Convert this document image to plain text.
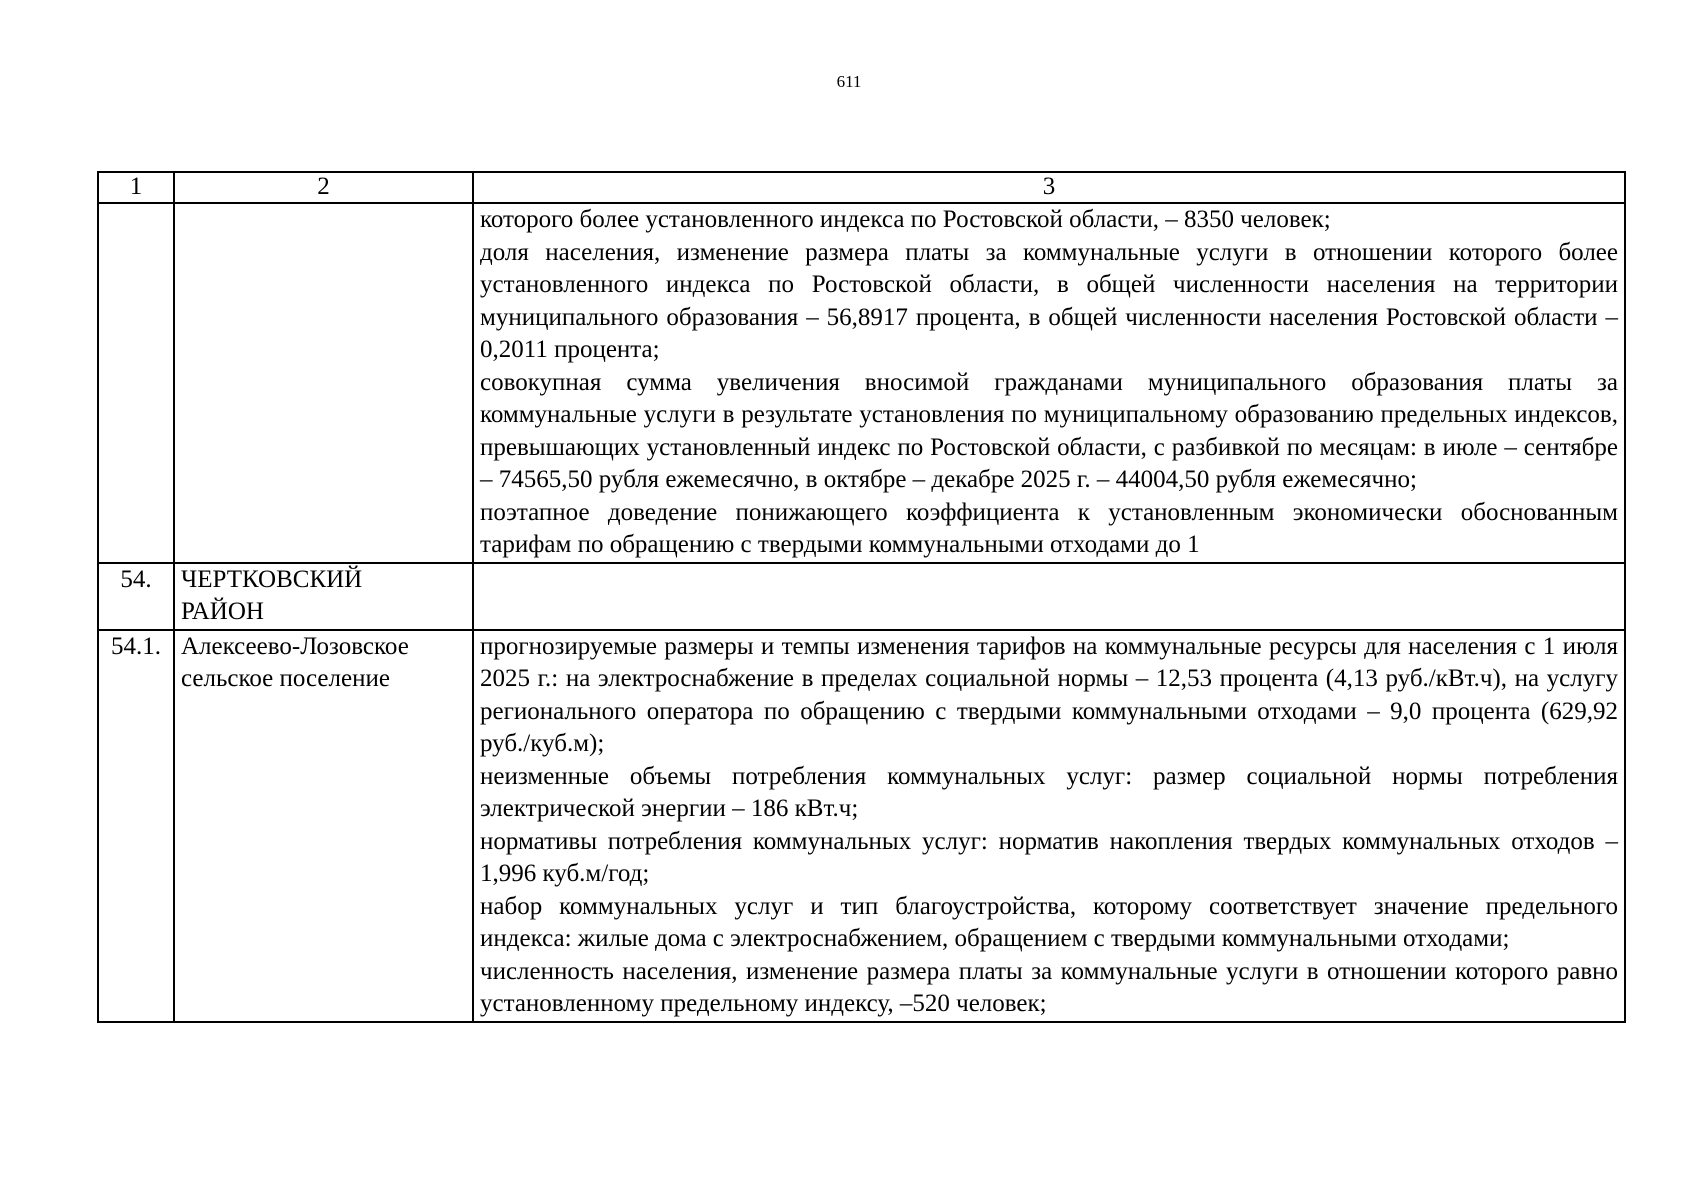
611
1	2	3

		которого более установленного индекса по Ростовской области, – 8350 человек;
доля населения, изменение размера платы за коммунальные услуги в отношении которого более установленного индекса по Ростовской области, в общей численности населения на территории муниципального образования – 56,8917 процента, в общей численности населения Ростовской области – 0,2011 процента;
совокупная сумма увеличения вносимой гражданами муниципального образования платы за коммунальные услуги в результате установления по муниципальному образованию предельных индексов, превышающих установленный индекс по Ростовской области, с разбивкой по месяцам: в июле – сентябре – 74565,50 рубля ежемесячно, в октябре – декабре 2025 г. – 44004,50 рубля ежемесячно;
поэтапное доведение понижающего коэффициента к установленным экономически обоснованным тарифам по обращению с твердыми коммунальными отходами до 1

54.	ЧЕРТКОВСКИЙ
РАЙОН	

54.1.	Алексеево-Лозовское
сельское поселение	прогнозируемые размеры и темпы изменения тарифов на коммунальные ресурсы для населения с 1 июля 2025 г.: на электроснабжение в пределах социальной нормы – 12,53 процента (4,13 руб./кВт.ч), на услугу регионального оператора по обращению с твердыми коммунальными отходами – 9,0 процента (629,92 руб./куб.м);
неизменные объемы потребления коммунальных услуг: размер социальной нормы потребления электрической энергии – 186 кВт.ч;
нормативы потребления коммунальных услуг: норматив накопления твердых коммунальных отходов – 1,996 куб.м/год;
набор коммунальных услуг и тип благоустройства, которому соответствует значение предельного индекса: жилые дома с электроснабжением, обращением с твердыми коммунальными отходами;
численность населения, изменение размера платы за коммунальные услуги в отношении которого равно установленному предельному индексу, –520 человек;
